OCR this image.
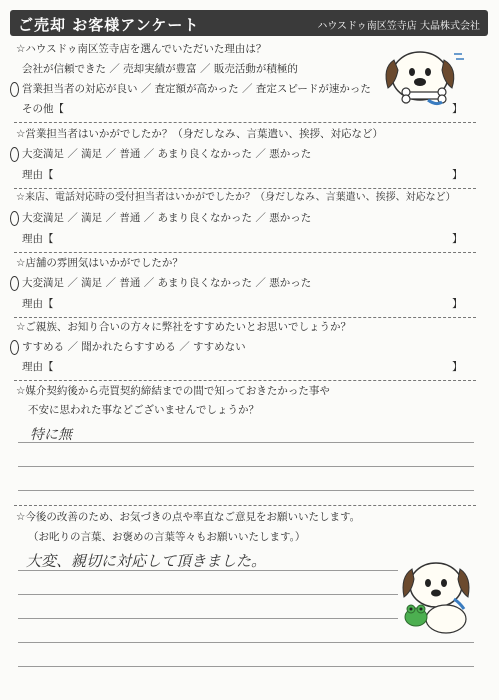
ご売却 お客様アンケート	ハウスドゥ南区笠寺店 大晶株式会社
☆ハウスドゥ南区笠寺店を選んでいただいた理由は？
会社が信頼できた ／ 売却実績が豊富 ／ 販売活動が積極的
営業担当者の対応が良い ／ 査定額が高かった ／ 査定スピードが速かった
その他【	】
☆営業担当者はいかがでしたか？（身だしなみ、言葉遣い、挨拶、対応など）
大変満足 ／ 満足 ／ 普通 ／ あまり良くなかった ／ 悪かった
理由【	】
☆来店、電話対応時の受付担当者はいかがでしたか？（身だしなみ、言葉遣い、挨拶、対応など）
大変満足 ／ 満足 ／ 普通 ／ あまり良くなかった ／ 悪かった
理由【	】
☆店舗の雰囲気はいかがでしたか？
大変満足 ／ 満足 ／ 普通 ／ あまり良くなかった ／ 悪かった
理由【	】
☆ご親族、お知り合いの方々に弊社をすすめたいとお思いでしょうか？
すすめる ／ 聞かれたらすすめる ／ すすめない
理由【	】
☆媒介契約後から売買契約締結までの間で知っておきたかった事や
不安に思われた事などございませんでしょうか？
特に無
☆今後の改善のため、お気づきの点や率直なご意見をお願いいたします。
（お叱りの言葉、お褒めの言葉等々もお願いいたします。）
大変、親切に対応して頂きました。
